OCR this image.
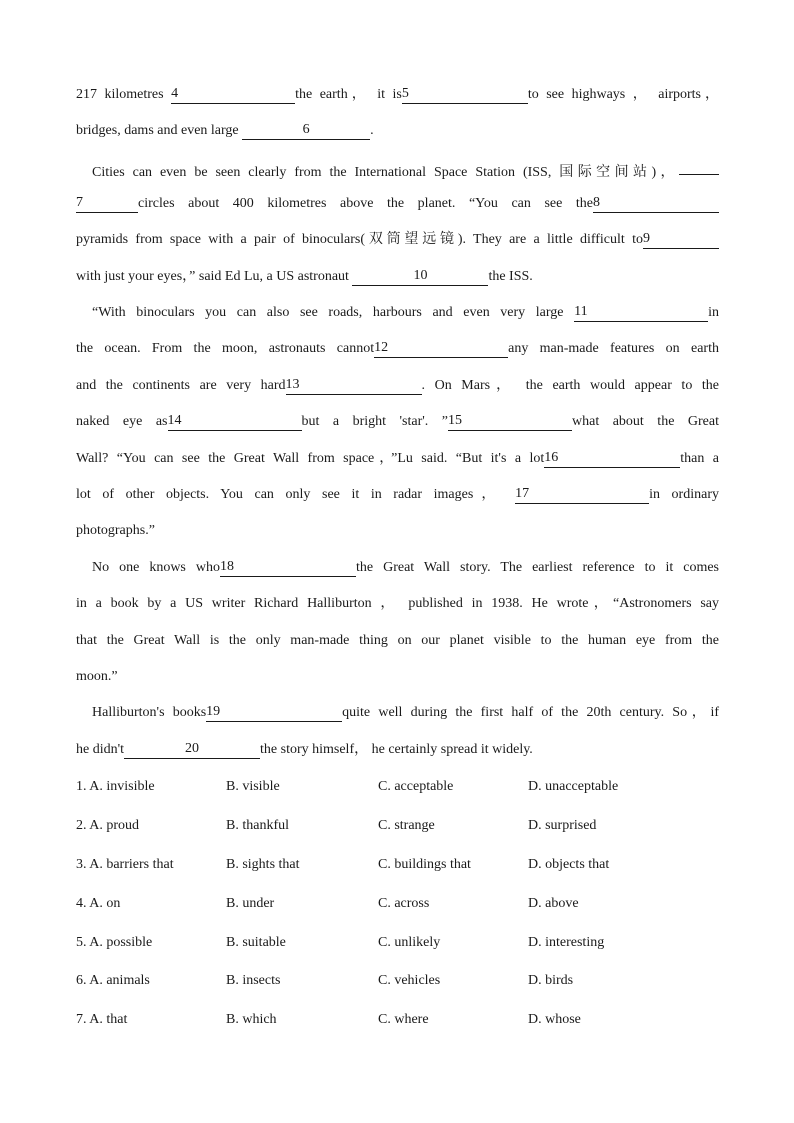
217 kilometres 4	the earth， it is5	to see highways ， airports，
bridges, dams and even large	6	.
Cities can even be seen clearly from the International Space Station (ISS, 国际空间站)，
7	circles about 400 kilometres above the planet. “You can see the8
pyramids from space with a pair of binoculars(双筒望远镜). They are a little difficult to9
with just your eyes，” said Ed Lu, a US astronaut	10	the ISS.
“With binoculars you can also see roads, harbours and even very large 11	in
the ocean. From the moon, astronauts cannot12	any man-made features on earth
and the continents are very hard13	. On Mars， the earth would appear to the
naked eye as14	but a bright 'star'. ”15	what about the Great
Wall? “You can see the Great Wall from space，”Lu said. “But it's a lot16	than a
lot of other objects. You can only see it in radar images， 17	in ordinary
photographs.”
No one knows who18	the Great Wall story. The earliest reference to it comes
in a book by a US writer Richard Halliburton ， published in 1938. He wrote，“Astronomers say
that the Great Wall is the only man-made thing on our planet visible to the human eye from the
moon.”
Halliburton's books19	quite well during the first half of the 20th century. So，if
he didn't	20	the story himself， he certainly spread it widely.
1. A. invisible	B. visible	C. acceptable	D. unacceptable
2. A. proud	B. thankful	C. strange	D. surprised
3. A. barriers that	B. sights that	C. buildings that	D. objects that
4. A. on	B. under	C. across	D. above
5. A. possible	B. suitable	C. unlikely	D. interesting
6. A. animals	B. insects	C. vehicles	D. birds
7. A. that	B. which	C. where	D. whose
